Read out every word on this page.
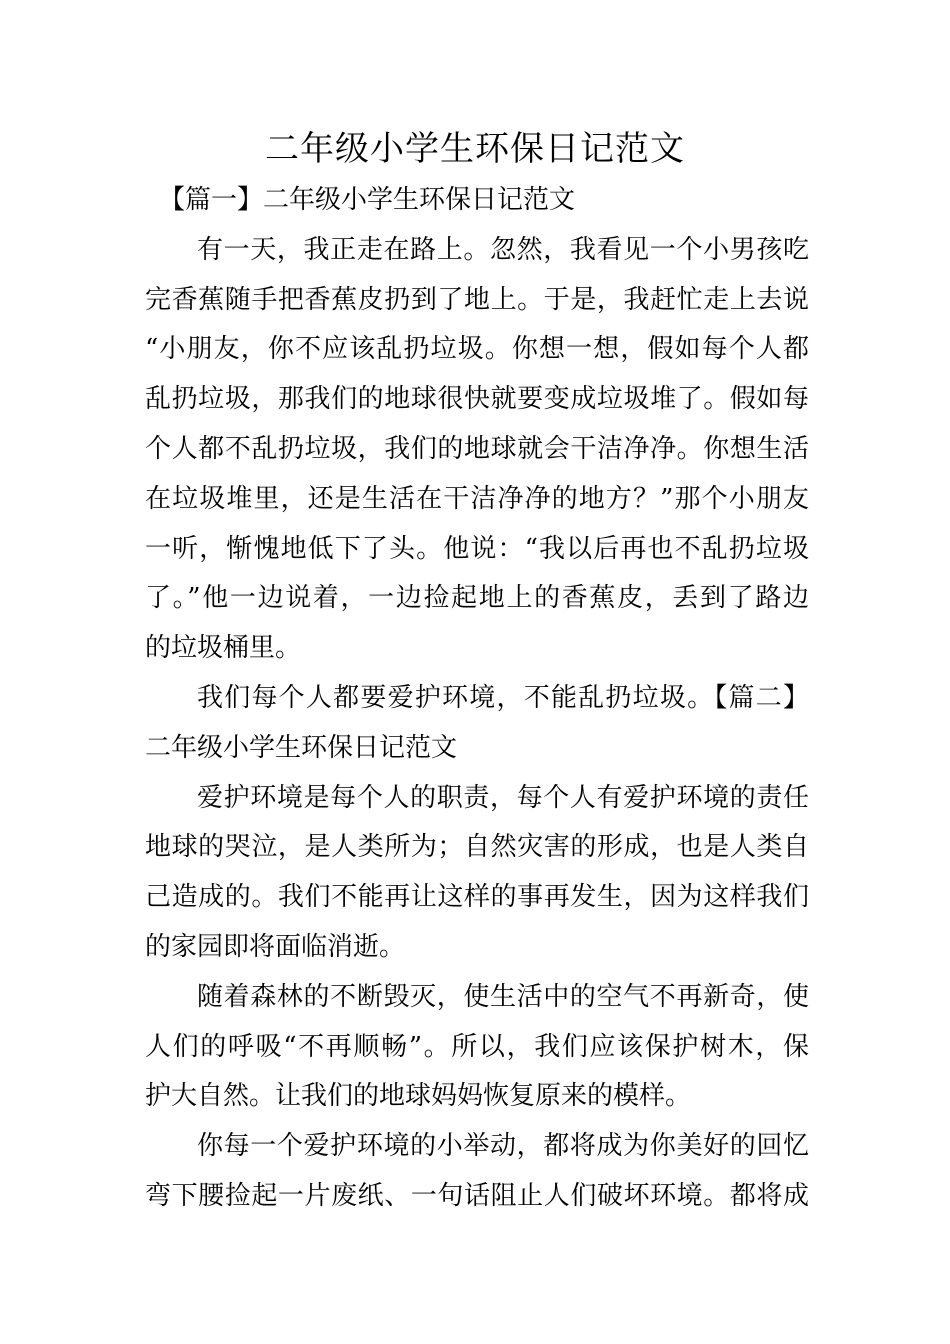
二年级小学生环保日记范文
【篇一】二年级小学生环保日记范文
有一天，我正走在路上。忽然，我看见一个小男孩吃
完香蕉随手把香蕉皮扔到了地上。于是，我赶忙走上去说
“小朋友，你不应该乱扔垃圾。你想一想，假如每个人都
乱扔垃圾，那我们的地球很快就要变成垃圾堆了。假如每
个人都不乱扔垃圾，我们的地球就会干洁净净。你想生活
在垃圾堆里，还是生活在干洁净净的地方？”那个小朋友
一听，惭愧地低下了头。他说：“我以后再也不乱扔垃圾
了。”他一边说着，一边捡起地上的香蕉皮，丢到了路边
的垃圾桶里。
我们每个人都要爱护环境，不能乱扔垃圾。【篇二】
二年级小学生环保日记范文
爱护环境是每个人的职责，每个人有爱护环境的责任
地球的哭泣，是人类所为；自然灾害的形成，也是人类自
己造成的。我们不能再让这样的事再发生，因为这样我们
的家园即将面临消逝。
随着森林的不断毁灭，使生活中的空气不再新奇，使
人们的呼吸“不再顺畅”。所以，我们应该保护树木，保
护大自然。让我们的地球妈妈恢复原来的模样。
你每一个爱护环境的小举动，都将成为你美好的回忆
弯下腰捡起一片废纸、一句话阻止人们破坏环境。都将成
